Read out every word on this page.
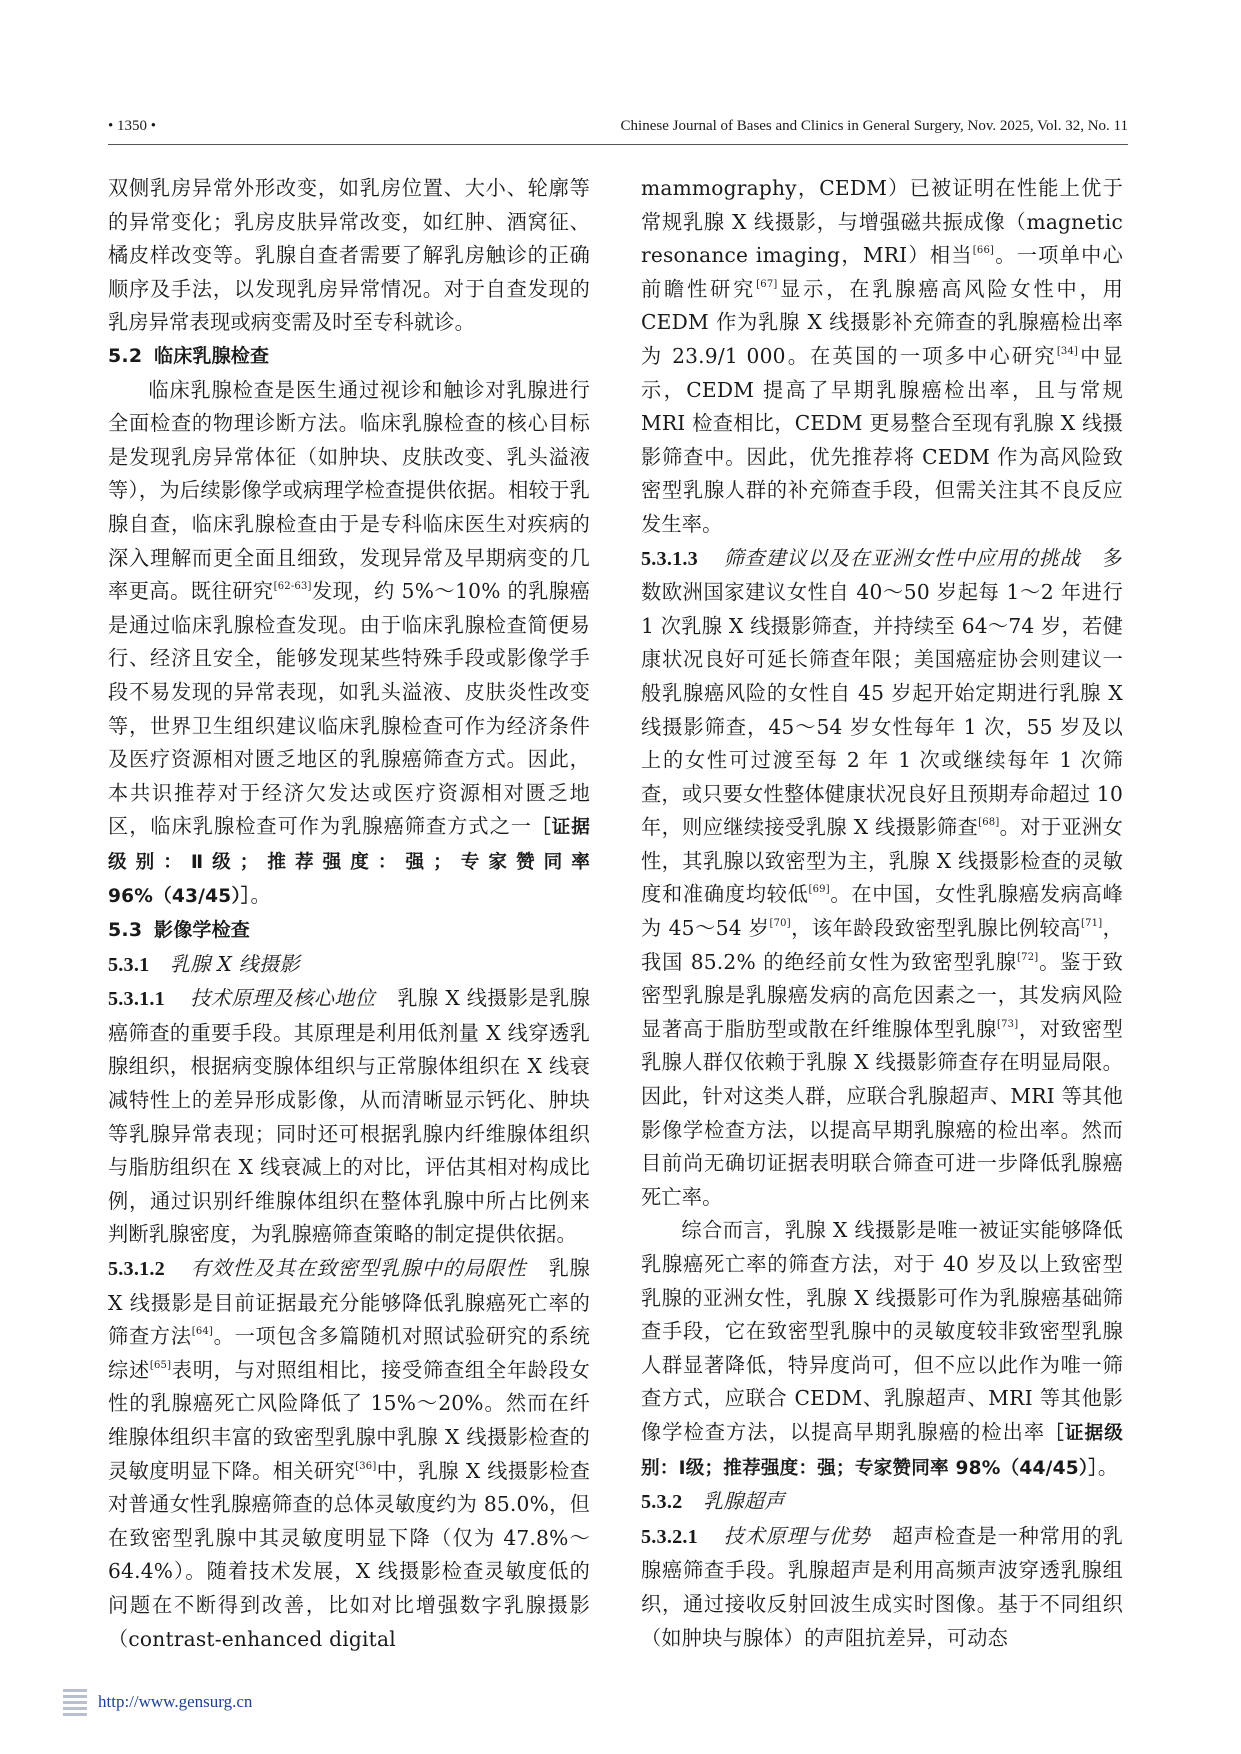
• 1350 •	Chinese Journal of Bases and Clinics in General Surgery, Nov. 2025, Vol. 32, No. 11

双侧乳房异常外形改变，如乳房位置、大小、轮廓等的异常变化；乳房皮肤异常改变，如红肿、酒窝征、橘皮样改变等。乳腺自查者需要了解乳房触诊的正确顺序及手法，以发现乳房异常情况。对于自查发现的乳房异常表现或病变需及时至专科就诊。

5.2 临床乳腺检查

临床乳腺检查是医生通过视诊和触诊对乳腺进行全面检查的物理诊断方法。临床乳腺检查的核心目标是发现乳房异常体征（如肿块、皮肤改变、乳头溢液等），为后续影像学或病理学检查提供依据。相较于乳腺自查，临床乳腺检查由于是专科临床医生对疾病的深入理解而更全面且细致，发现异常及早期病变的几率更高。既往研究[62-63]发现，约 5%～10% 的乳腺癌是通过临床乳腺检查发现。由于临床乳腺检查简便易行、经济且安全，能够发现某些特殊手段或影像学手段不易发现的异常表现，如乳头溢液、皮肤炎性改变等，世界卫生组织建议临床乳腺检查可作为经济条件及医疗资源相对匮乏地区的乳腺癌筛查方式。因此，本共识推荐对于经济欠发达或医疗资源相对匮乏地区，临床乳腺检查可作为乳腺癌筛查方式之一［证据级别：Ⅱ级；推荐强度：强；专家赞同率 96%（43/45）］。

5.3 影像学检查
5.3.1 乳腺 X 线摄影

5.3.1.1 技术原理及核心地位 乳腺 X 线摄影是乳腺癌筛查的重要手段。其原理是利用低剂量 X 线穿透乳腺组织，根据病变腺体组织与正常腺体组织在 X 线衰减特性上的差异形成影像，从而清晰显示钙化、肿块等乳腺异常表现；同时还可根据乳腺内纤维腺体组织与脂肪组织在 X 线衰减上的对比，评估其相对构成比例，通过识别纤维腺体组织在整体乳腺中所占比例来判断乳腺密度，为乳腺癌筛查策略的制定提供依据。

5.3.1.2 有效性及其在致密型乳腺中的局限性 乳腺 X 线摄影是目前证据最充分能够降低乳腺癌死亡率的筛查方法[64]。一项包含多篇随机对照试验研究的系统综述[65]表明，与对照组相比，接受筛查组全年龄段女性的乳腺癌死亡风险降低了 15%～20%。然而在纤维腺体组织丰富的致密型乳腺中乳腺 X 线摄影检查的灵敏度明显下降。相关研究[36]中，乳腺 X 线摄影检查对普通女性乳腺癌筛查的总体灵敏度约为 85.0%，但在致密型乳腺中其灵敏度明显下降（仅为 47.8%～64.4%）。随着技术发展，X 线摄影检查灵敏度低的问题在不断得到改善，比如对比增强数字乳腺摄影（contrast-enhanced digital

mammography，CEDM）已被证明在性能上优于常规乳腺 X 线摄影，与增强磁共振成像（magnetic resonance imaging，MRI）相当[66]。一项单中心前瞻性研究[67]显示，在乳腺癌高风险女性中，用 CEDM 作为乳腺 X 线摄影补充筛查的乳腺癌检出率为 23.9/1 000。在英国的一项多中心研究[34]中显示，CEDM 提高了早期乳腺癌检出率，且与常规 MRI 检查相比，CEDM 更易整合至现有乳腺 X 线摄影筛查中。因此，优先推荐将 CEDM 作为高风险致密型乳腺人群的补充筛查手段，但需关注其不良反应发生率。

5.3.1.3 筛查建议以及在亚洲女性中应用的挑战 多数欧洲国家建议女性自 40～50 岁起每 1～2 年进行 1 次乳腺 X 线摄影筛查，并持续至 64～74 岁，若健康状况良好可延长筛查年限；美国癌症协会则建议一般乳腺癌风险的女性自 45 岁起开始定期进行乳腺 X 线摄影筛查，45～54 岁女性每年 1 次，55 岁及以上的女性可过渡至每 2 年 1 次或继续每年 1 次筛查，或只要女性整体健康状况良好且预期寿命超过 10 年，则应继续接受乳腺 X 线摄影筛查[68]。对于亚洲女性，其乳腺以致密型为主，乳腺 X 线摄影检查的灵敏度和准确度均较低[69]。在中国，女性乳腺癌发病高峰为 45～54 岁[70]，该年龄段致密型乳腺比例较高[71]，我国 85.2% 的绝经前女性为致密型乳腺[72]。鉴于致密型乳腺是乳腺癌发病的高危因素之一，其发病风险显著高于脂肪型或散在纤维腺体型乳腺[73]，对致密型乳腺人群仅依赖于乳腺 X 线摄影筛查存在明显局限。因此，针对这类人群，应联合乳腺超声、MRI 等其他影像学检查方法，以提高早期乳腺癌的检出率。然而目前尚无确切证据表明联合筛查可进一步降低乳腺癌死亡率。

综合而言，乳腺 X 线摄影是唯一被证实能够降低乳腺癌死亡率的筛查方法，对于 40 岁及以上致密型乳腺的亚洲女性，乳腺 X 线摄影可作为乳腺癌基础筛查手段，它在致密型乳腺中的灵敏度较非致密型乳腺人群显著降低，特异度尚可，但不应以此作为唯一筛查方式，应联合 CEDM、乳腺超声、MRI 等其他影像学检查方法，以提高早期乳腺癌的检出率［证据级别：Ⅰ级；推荐强度：强；专家赞同率 98%（44/45）］。

5.3.2 乳腺超声

5.3.2.1 技术原理与优势 超声检查是一种常用的乳腺癌筛查手段。乳腺超声是利用高频声波穿透乳腺组织，通过接收反射回波生成实时图像。基于不同组织（如肿块与腺体）的声阻抗差异，可动态

http://www.gensurg.cn
